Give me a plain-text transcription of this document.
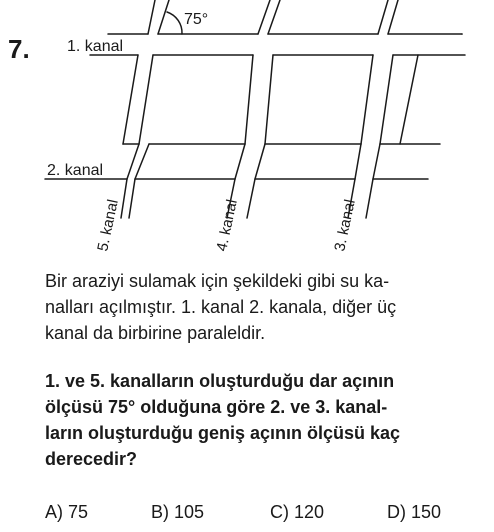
7.
75°
1. kanal
2. kanal
5. kanal	4. kanal	3. kanal
Bir araziyi sulamak için şekildeki gibi su ka-
nalları açılmıştır. 1. kanal 2. kanala, diğer üç
kanal da birbirine paraleldir.
1. ve 5. kanalların oluşturduğu dar açının
ölçüsü 75° olduğuna göre 2. ve 3. kanal-
ların oluşturduğu geniş açının ölçüsü kaç
derecedir?
A) 75	B) 105	C) 120	D) 150
